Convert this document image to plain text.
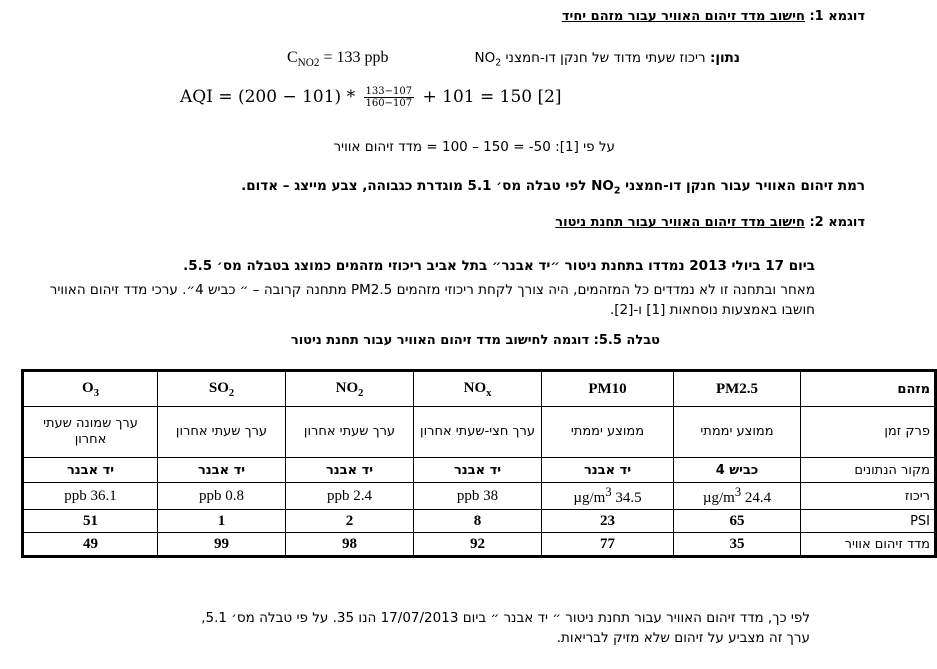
דוגמא 1: חישוב מדד זיהום האוויר עבור מזהם יחיד
נתון: ריכוז שעתי מדוד של חנקן דו-חמצני $NO_2$
$C_{NO2} = 133$ ppb
AQI = $(200 - 101) * \frac{133-107}{160-107} + 101 = 150$ [2]
על פי [1]: 50- = 150 – 100 = מדד זיהום אוויר
רמת זיהום האוויר עבור חנקן דו-חמצני $NO_2$ לפי טבלה מס׳ 5.1 מוגדרת כגבוהה, צבע מייצג – אדום.
דוגמא 2: חישוב מדד זיהום האוויר עבור תחנת ניטור
ביום 17 ביולי 2013 נמדדו בתחנת ניטור ״יד אבנר״ בתל אביב ריכוזי מזהמים כמוצג בטבלה מס׳ 5.5.
מאחר ובתחנה זו לא נמדדים כל המזהמים, היה צורך לקחת ריכוזי מזהמים PM2.5 מתחנה קרובה – ״ כביש 4״. ערכי מדד זיהום האוויר חושבו באמצעות נוסחאות [1] ו-[2].
טבלה 5.5: דוגמה לחישוב מדד זיהום האוויר עבור תחנת ניטור
מזהם	PM2.5	PM10	$NO_x$	$NO_2$	$SO_2$	$O_3$
פרק זמן	ממוצע יממתי	ממוצע יממתי	ערך חצי-שעתי אחרון	ערך שעתי אחרון	ערך שעתי אחרון	ערך שמונה שעתי אחרון
מקור הנתונים	כביש 4	יד אבנר	יד אבנר	יד אבנר	יד אבנר	יד אבנר
ריכוז	24.4 $\mu g/m^3$	34.5 $\mu g/m^3$	38 ppb	2.4 ppb	0.8 ppb	36.1 ppb
PSI	65	23	8	2	1	51
מדד זיהום אוויר	35	77	92	98	99	49
לפי כך, מדד זיהום האוויר עבור תחנת ניטור ״ יד אבנר ״ ביום 17/07/2013 הנו 35. על פי טבלה מס׳ 5.1,
ערך זה מצביע על זיהום שלא מזיק לבריאות.
